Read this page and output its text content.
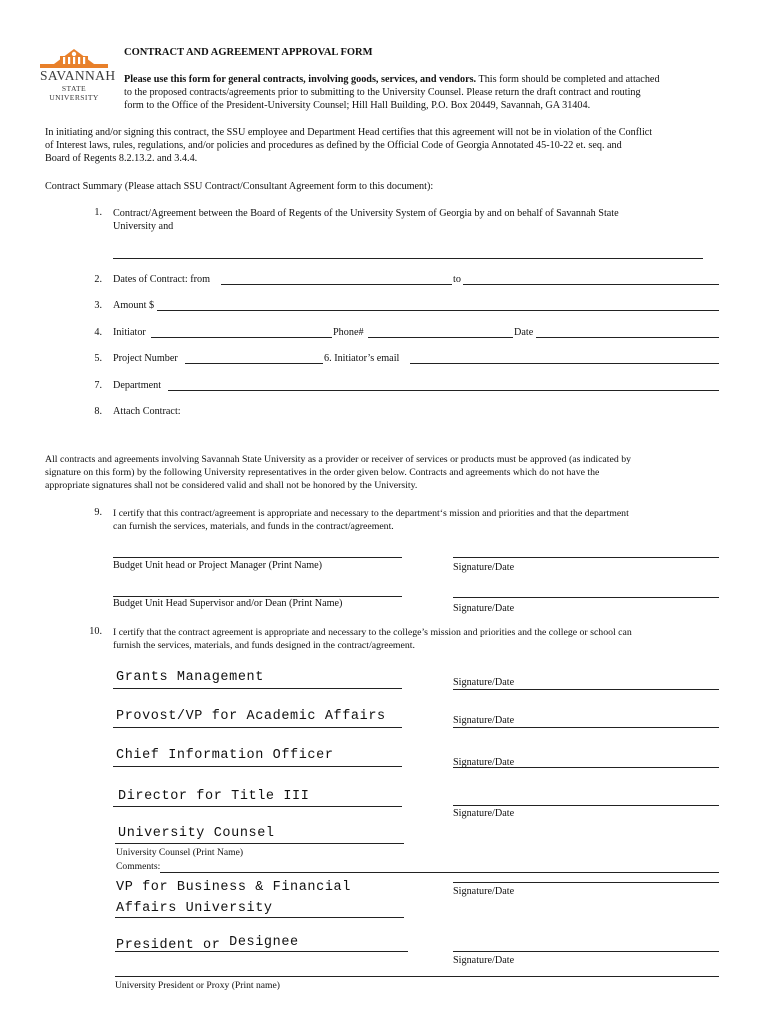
SAVANNAH
STATE UNIVERSITY
CONTRACT AND AGREEMENT APPROVAL FORM
Please use this form for general contracts, involving goods, services, and vendors. This form should be completed and attached
to the proposed contracts/agreements prior to submitting to the University Counsel. Please return the draft contract and routing
form to the Office of the President-University Counsel; Hill Hall Building, P.O. Box 20449, Savannah, GA 31404.
In initiating and/or signing this contract, the SSU employee and Department Head certifies that this agreement will not be in violation of the Conflict
of Interest laws, rules, regulations, and/or policies and procedures as defined by the Official Code of Georgia Annotated 45-10-22 et. seq. and
Board of Regents 8.2.13.2. and 3.4.4.
Contract Summary (Please attach SSU Contract/Consultant Agreement form to this document):
1. Contract/Agreement between the Board of Regents of the University System of Georgia by and on behalf of Savannah State
University and
2. Dates of Contract: from	to
3. Amount $
4. Initiator	Phone#	Date
5. Project Number	6. Initiator’s email
7. Department
8. Attach Contract:
All contracts and agreements involving Savannah State University as a provider or receiver of services or products must be approved (as indicated by
signature on this form) by the following University representatives in the order given below. Contracts and agreements which do not have the
appropriate signatures shall not be considered valid and shall not be honored by the University.
9. I certify that this contract/agreement is appropriate and necessary to the department‘s mission and priorities and that the department
can furnish the services, materials, and funds in the contract/agreement.
Budget Unit head or Project Manager (Print Name)	Signature/Date
Budget Unit Head Supervisor and/or Dean (Print Name)	Signature/Date
10. I certify that the contract agreement is appropriate and necessary to the college’s mission and priorities and the college or school can
furnish the services, materials, and funds designed in the contract/agreement.
Grants Management	Signature/Date
Provost/VP for Academic Affairs	Signature/Date
Chief Information Officer	Signature/Date
Director for Title III
Signature/Date
University Counsel
University Counsel (Print Name)
Comments:
VP for Business & Financial
Affairs University
Signature/Date
President or Designee
Signature/Date
University President or Proxy (Print name)
